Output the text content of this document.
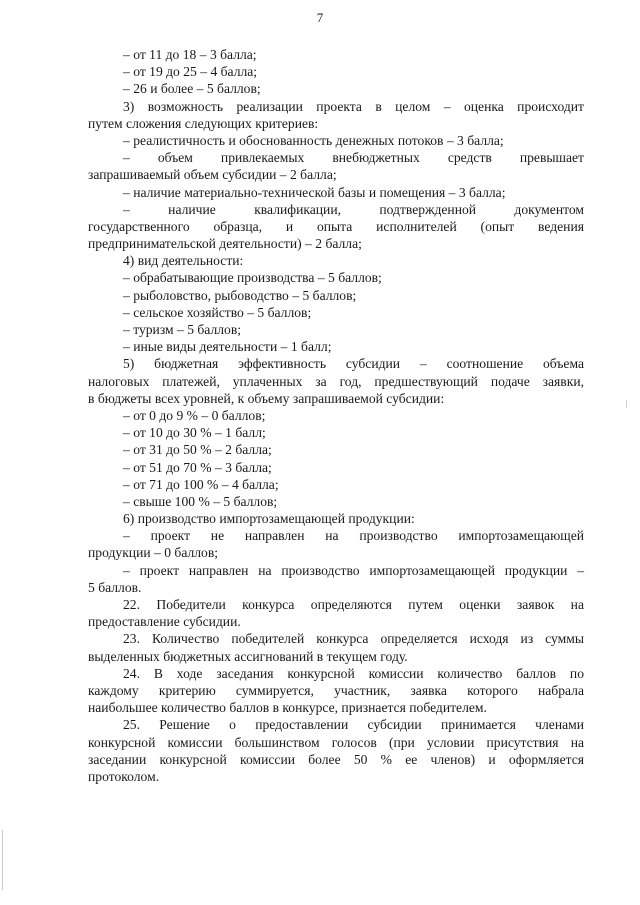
7
– от 11 до 18 – 3 балла;
– от 19 до 25 – 4 балла;
– 26 и более – 5 баллов;
3) возможность реализации проекта в целом – оценка происходит
путем сложения следующих критериев:
– реалистичность и обоснованность денежных потоков – 3 балла;
– объем привлекаемых внебюджетных средств превышает
запрашиваемый объем субсидии – 2 балла;
– наличие материально-технической базы и помещения – 3 балла;
– наличие квалификации, подтвержденной документом
государственного образца, и опыта исполнителей (опыт ведения
предпринимательской деятельности) – 2 балла;
4) вид деятельности:
– обрабатывающие производства – 5 баллов;
– рыболовство, рыбоводство – 5 баллов;
– сельское хозяйство – 5 баллов;
– туризм – 5 баллов;
– иные виды деятельности – 1 балл;
5) бюджетная эффективность субсидии – соотношение объема
налоговых платежей, уплаченных за год, предшествующий подаче заявки,
в бюджеты всех уровней, к объему запрашиваемой субсидии:
– от 0 до 9 % – 0 баллов;
– от 10 до 30 % – 1 балл;
– от 31 до 50 % – 2 балла;
– от 51 до 70 % – 3 балла;
– от 71 до 100 % – 4 балла;
– свыше 100 % – 5 баллов;
6) производство импортозамещающей продукции:
– проект не направлен на производство импортозамещающей
продукции – 0 баллов;
– проект направлен на производство импортозамещающей продукции –
5 баллов.
22. Победители конкурса определяются путем оценки заявок на
предоставление субсидии.
23. Количество победителей конкурса определяется исходя из суммы
выделенных бюджетных ассигнований в текущем году.
24. В ходе заседания конкурсной комиссии количество баллов по
каждому критерию суммируется, участник, заявка которого набрала
наибольшее количество баллов в конкурсе, признается победителем.
25. Решение о предоставлении субсидии принимается членами
конкурсной комиссии большинством голосов (при условии присутствия на
заседании конкурсной комиссии более 50 % ее членов) и оформляется
протоколом.
